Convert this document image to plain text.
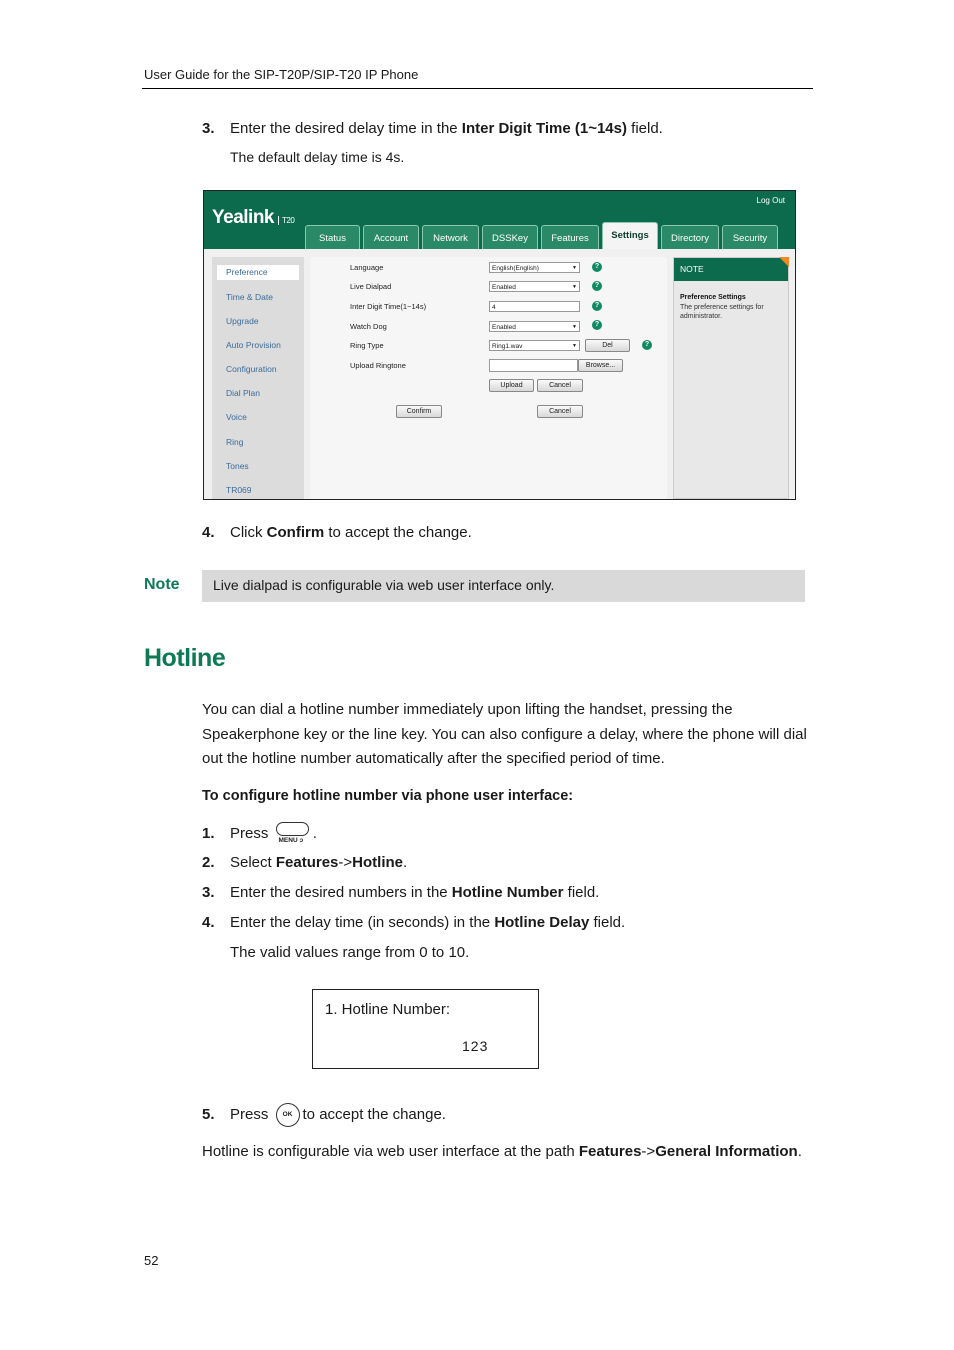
User Guide for the SIP-T20P/SIP-T20 IP Phone
3. Enter the desired delay time in the Inter Digit Time (1~14s) field.
The default delay time is 4s.
Yealink T20
Log Out
Status	Account	Network	DSSKey	Features	Settings	Directory	Security
Preference
Time & Date
Upgrade
Auto Provision
Configuration
Dial Plan
Voice
Ring
Tones
TR069
Language	English(English)	▼	?
Live Dialpad	Enabled	▼	?
Inter Digit Time(1~14s)	4	?
Watch Dog	Enabled	▼	?
Ring Type	Ring1.wav	▼	Del	?
Upload Ringtone	Browse...
Upload	Cancel
Confirm	Cancel
NOTE
Preference Settings
The preference settings for administrator.
4. Click Confirm to accept the change.
Note Live dialpad is configurable via web user interface only.
Hotline
You can dial a hotline number immediately upon lifting the handset, pressing the Speakerphone key or the line key. You can also configure a delay, where the phone will dial out the hotline number automatically after the specified period of time.
To configure hotline number via phone user interface:
1. Press MENU ↄ .
2. Select Features->Hotline.
3. Enter the desired numbers in the Hotline Number field.
4. Enter the delay time (in seconds) in the Hotline Delay field.
The valid values range from 0 to 10.
1. Hotline Number:
123
5. Press OK to accept the change.
Hotline is configurable via web user interface at the path Features->General Information.
52
